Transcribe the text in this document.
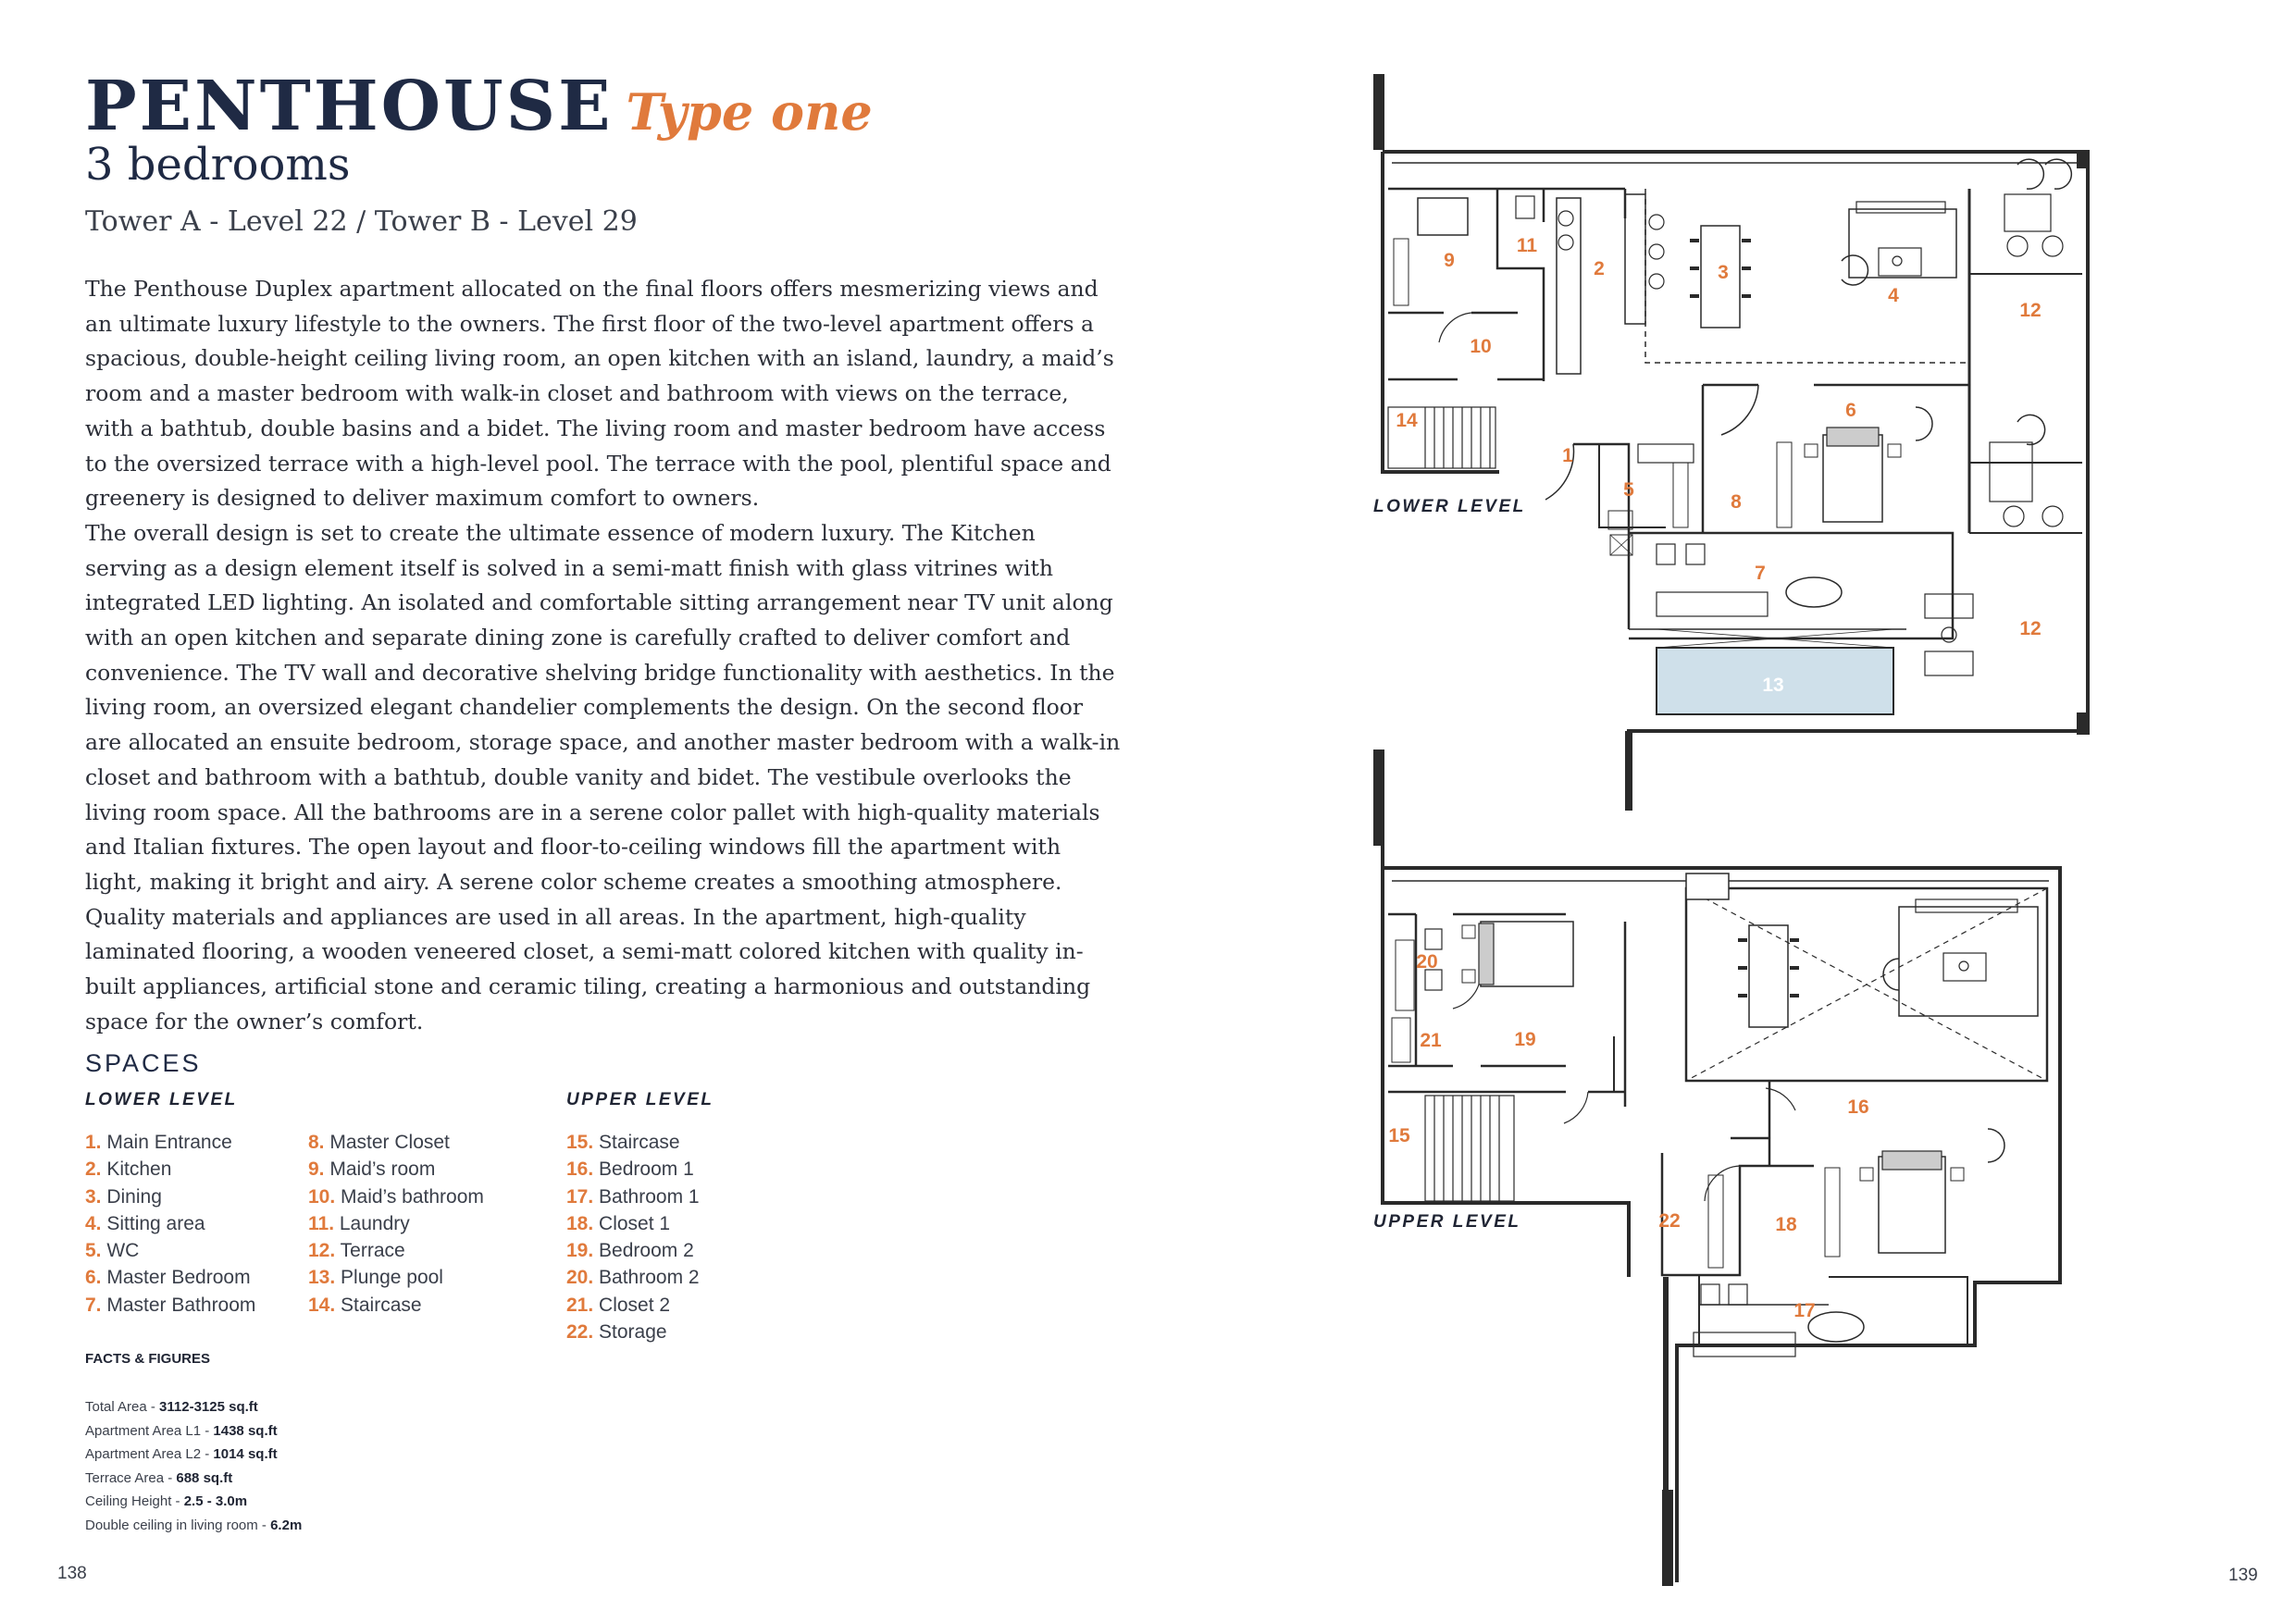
PENTHOUSE Type one
3 bedrooms
Tower A - Level 22 / Tower B - Level 29

The Penthouse Duplex apartment allocated on the final floors offers mesmerizing views and an ultimate luxury lifestyle to the owners. The first floor of the two-level apartment offers a spacious, double-height ceiling living room, an open kitchen with an island, laundry, a maid’s room and a master bedroom with walk-in closet and bathroom with views on the terrace, with a bathtub, double basins and a bidet. The living room and master bedroom have access to the oversized terrace with a high-level pool. The terrace with the pool, plentiful space and greenery is designed to deliver maximum comfort to owners.

The overall design is set to create the ultimate essence of modern luxury. The Kitchen serving as a design element itself is solved in a semi-matt finish with glass vitrines with integrated LED lighting. An isolated and comfortable sitting arrangement near TV unit along with an open kitchen and separate dining zone is carefully crafted to deliver comfort and convenience. The TV wall and decorative shelving bridge functionality with aesthetics. In the living room, an oversized elegant chandelier complements the design. On the second floor are allocated an ensuite bedroom, storage space, and another master bedroom with a walk-in closet and bathroom with a bathtub, double vanity and bidet. The vestibule overlooks the living room space. All the bathrooms are in a serene color pallet with high-quality materials and Italian fixtures. The open layout and floor-to-ceiling windows fill the apartment with light, making it bright and airy. A serene color scheme creates a smoothing atmosphere. Quality materials and appliances are used in all areas. In the apartment, high-quality laminated flooring, a wooden veneered closet, a semi-matt colored kitchen with quality in-built appliances, artificial stone and ceramic tiling, creating a harmonious and outstanding space for the owner’s comfort.

SPACES
LOWER LEVEL	UPPER LEVEL
1. Main Entrance
2. Kitchen
3. Dining
4. Sitting area
5. WC
6. Master Bedroom
7. Master Bathroom
8. Master Closet
9. Maid’s room
10. Maid’s bathroom
11. Laundry
12. Terrace
13. Plunge pool
14. Staircase
15. Staircase
16. Bedroom 1
17. Bathroom 1
18. Closet 1
19. Bedroom 2
20. Bathroom 2
21. Closet 2
22. Storage
FACTS & FIGURES
Total Area - 3112-3125 sq.ft
Apartment Area L1 - 1438 sq.ft
Apartment Area L2 - 1014 sq.ft
Terrace Area - 688 sq.ft
Ceiling Height - 2.5 - 3.0m
Double ceiling in living room - 6.2m
138	139
LOWER LEVEL
1
2	3
4
5
6
7
8
9
10
11
12
12
13
14
UPPER LEVEL
15
16
17
18
19
20
21
22
